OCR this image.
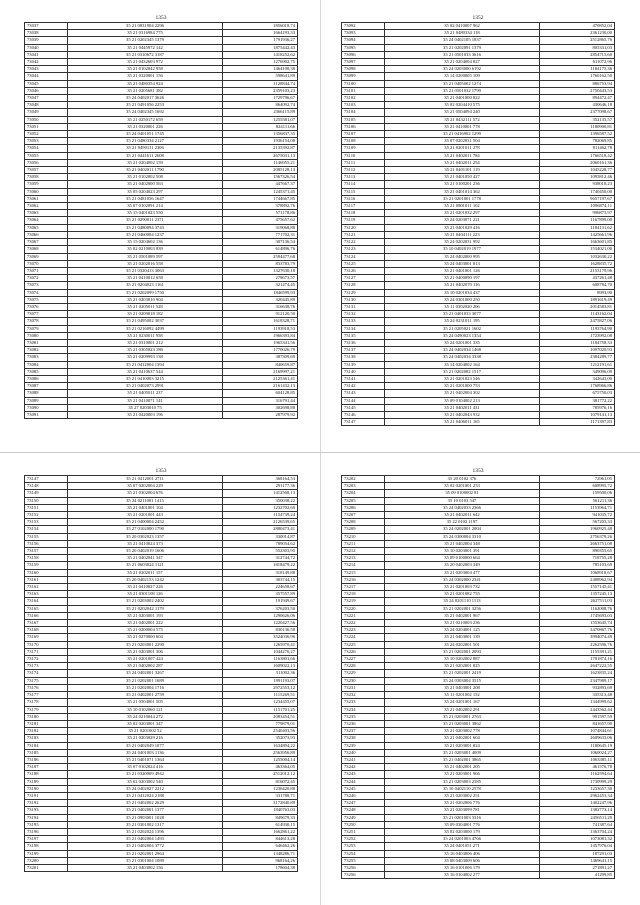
1353
73037	35 21 0831904 2296	1856018,74
73038	35 21 0316984 775	1664193,33
73039	35 21 0202345 1379	1791936,27
73040	35 21 0445972 142	1875442,43
73041	35 21 0310672 3187	1418252,62
73042	35 21 0432603 972	1276902,75
73043	35 21 0102042 958	1464108,38
73044	35 21 0320001 156	598641,89
73045	35 21 0480354 924	1128844,74
73046	35 21 0205681 382	2359103,23
73047	35 24 0402017 3626	1729796,67
73048	35 21 0491056 2253	864092,74
73049	35 24 0402345 1692	2366115,89
73050	35 21 0250172 659	1255581,07
73051	35 21 0320001 226	824111,66
73052	35 24 0401051 1745	1356837,35
73053	35 21 0480334 2127	1936154,08
73054	35 21 0490111 2306	2135392,87
73055	35 21 0441611 2608	2675031,13
73056	35 21 0204002 159	1146955,21
73057	35 21 0402011 1790	2085128,13
73058	35 21 0102002 508	1567326,54
73059	35 21 0402000 563	447667,37
73060	35 05 0204023 297	1245371,45
73061	35 21 0481056 1647	1744667,85
73062	35 07 0102091 214	378892,76
73063	35 15 0401023 550	571178,86
73064	35 21 0290011 2371	475657,62
73065	35 21 0480094 3743	319068,88
73066	35 21 0460004 1237	771702,31
73067	35 15 0204602 136	307136,54
73068	35 02 0210003 839	614896,76
73069	35 21 0501089 597	2594477,68
73070	35 21 0202016 558	833783,79
73071	35 21 0320413 3063	1327630,18
73072	35 21 0410012 658	278673,57
73073	35 21 0204023 1161	321474,45
73074	35 21 0202099 1750	1846599,93
73075	35 21 0203010 904	320445,89
73076	35 21 0205011 528	316638,76
73077	35 21 0209018 182	912120,50
73078	35 21 0495002 3037	1618328,71
73079	35 21 0216092 4499	1193918,53
73080	35 21 0230011 958	1966393,84
73081	35 21 0310001 212	1965341,56
73082	35 21 0305023 186	1770026,79
73083	35 21 0209993 138	387309,69
73084	35 21 0412004 1394	840659,87
73085	35 21 0410637 544	2169997,21
73086	35 21 0410003 3215	2125361,41
73087	35 21 0402073 2991	2161432,13
73088	35 21 0405011 237	604128,85
73089	35 21 0410071 141	316791,44
73090	35 27 0203010 75	302698,88
73091	35 21 0420003 196	287979,92
1352
73092	35 02 0410007 962	470852,04
73093	35 21 0480334 118	2361230,00
73094	35 24 0402105 1837	2512865,76
73095	35 21 0202091 1379	805331,03
73096	35 21 0501033 3616	2854715,60
73097	35 21 0204004 827	611072,96
73098	35 24 0203000 6192	1184175,36
73099	35 14 0200005 109	1760162,50
73100	35 21 0405002 1274	886753,94
73101	35 21 0501032 1799	2750443,53
73102	35 21 0401000 822	894472,47
73103	35 02 0204410 575	430646,18
73104	35 21 0504094 240	2377098,67
73105	35 21 0432111 572	352135,57
73106	35 21 0410001 778	1180900,81
73107	35 21 0416902 1299	1396587,52
73108	35 07 0202031 504	782069,85
73109	35 21 0201011 278	811462,78
73110	35 21 0402011 784	1766518,42
73111	35 21 0402011 254	2060161,36
73112	35 21 0401101 119	1045228,77
73113	35 21 0401050 427	1095812,46
73114	35 21 0100201 236	938018,23
73115	35 21 0401014 362	1740450,00
73116	35 21 0201001 1778	9657197,67
73117	35 21 0801011 102	1096874,11
73118	35 21 0201032 297	996873,97
73119	35 24 0203071 221	1167899,00
73120	35 21 0401029 416	1184131,62
73121	35 21 0404111 223	1425661,96
73122	35 24 0202031 992	1663601,85
73123	35 10 0402019 1977	1534021,00
73124	35 24 0402000 995	1032630,22
73125	35 24 0403001 813	1628835,72
73126	35 21 0401001 126	2153179,96
73127	35 21 0400090 197	437261,48
73128	35 21 0402070 116	608784,70
73129	35 10 0201034 437	8993,90
73130	35 24 0301000 250	1891619,49
73131	35 11 0302020 206	2014583,81
73132	35 21 0401033 3077	1143162,04
73133	35 24 0231011 195	2475827,06
73134	35 21 0205021 1602	1193764,90
73135	35 24 0490023 1354	1723992,08
73136	35 24 0201001 335	1184758,33
73137	35 24 0402034 1468	1097020,93
73138	35 24 0402034 3338	2384289,77
73139	35 14 0204002 164	1212191,61
73140	35 21 0202082 1517	349096,09
73141	35 21 0201023 546	342643,00
73142	35 21 0201000 753	1768966,86
73143	35 21 0402004 302	675750,03
73144	35 09 0104002 213	381772,22
73145	35 21 0402011 431	785976,16
73146	35 21 0402043 932	1079141,13
73147	35 21 0406011 165	1171397,83
1353
73147	35 21 0412001 2711	368164,53
73148	35 07 0202004 229	291177,36
73149	35 21 0302004 676	1412568,13
73150	35 24 0211001 1415	350038,22
73151	35 21 0401001 104	1232702,69
73152	35 21 0201001 443	1154739,24
73153	35 21 0400004 2452	2126539,65
73154	35 27 0102000 1790	2880473,41
73155	35 20 0302023 1357	330014,87
73156	35 21 0410024 373	789054,62
73157	35 20 0402019 1606	552303,95
73158	35 21 0402041 347	312744,72
73159	35 21 0603024 1121	1818479,22
73160	35 21 0202011 157	318149,88
73161	35 20 0402153 1242	303744,15
73162	35 21 0410027 226	224658,67
73163	35 21 0301108 126	357557,89
73164	35 21 0203002 2402	191949,67
73165	35 21 0202042 1179	376203,50
73166	35 21 0203001 193	1290626,06
73167	35 21 0402001 222	1220427,56
73168	35 21 0200004 575	830136,58
73169	35 21 0270000 604	3524036,96
73170	35 21 0203001 2290	1265970,41
73171	35 21 0203001 306	1044276,27
73172	35 21 0201007 424	1163801,66
73173	35 21 0402002 287	1609022,13
73174	35 24 0402001 3267	311002,36
73175	35 21 0202001 1689	1991193,07
73176	35 21 0202004 1716	2972553,12
73177	35 21 0402001 2759	1115269,51
73178	35 21 0504001 505	1234455,07
73179	35 10 0102060 121	1151701,25
73180	35 24 0210044 272	2083454,51
73181	35 02 0203001 347	779879,01
73182	35 21 0201002 52	2540403,56
73183	35 21 0203029 216	352073,93
73184	35 21 0402049 1077	1634894,22
73185	35 24 0401003 1136	2563956,89
73186	35 21 0401071 1364	1255004,14
73187	35 07 0102024 416	463364,05
73188	35 21 0320009 4942	2512012,12
73189	35 02 0203002 540	816072,45
73190	35 24 0402027 2212	1236420,88
73191	35 21 0412024 2188	331788,71
73192	35 21 0402002 2629	3172840,89
73193	35 21 0402001 1377	1840763,03
73194	35 21 0903001 1028	849679,33
73195	35 21 0301002 1317	614930,15
73196	35 21 0202024 1396	1662861,22
73197	35 21 0402004 1493	844613,28
73198	35 21 0402004 3772	646462,26
73199	35 21 0202001 2964	1348286,71
73200	35 21 0301004 1089	968164,26
73201	35 21 0403002 156	178604,38
1353
73202	35 20 0102 376	72961,05
73203	35 02 0201001 253	608995,72
73204	35 09 0100002 81	159500,06
73205	35 10 0103 547	561211,36
73206	35 24 0402033 2366	1153964,71
73207	35 21 0402011 642	941035,72
73208	35 22 0102 1197	567203,33
73209	35 24 0202001 2004	1960925,48
73210	35 24 0300004 3310	2756379,26
73211	35 21 0402004 348	2663751,08
73212	35 10 0203001 391	890355,65
73213	35 09 0100000 664	718755,28
73214	35 20 0402003 349	785103,69
73215	35 21 0203004 477	1068918,67
73216	35 24 0302000 2341	2488962,94
73217	35 21 0201003 732	1557145,41
73218	35 21 0201082 755	1357245,13
73219	35 24 0201110 1113	2627511,03
73220	35 21 0202001 3256	1162008,76
73221	35 21 0402001 967	1745693,03
73222	35 21 0210003 236	1553645,74
73223	35 24 0204001 125	3470867,76
73224	35 21 0403001 139	3994074,49
73225	35 24 0202001 501	2262596,76
73226	35 21 0202001 2093	1155391,21
73227	35 10 0202002 887	1781874,16
73228	35 21 0202001 825	2647222,55
73229	35 21 0202001 2419	1623835,24
73230	35 24 0303004 3515	2347989,17
73231	35 21 0403001 208	932893,69
73232	35 11 0201002 152	335313,48
73233	35 24 0201001 167	1344999,62
73234	35 21 0402002 291	2443562,44
73235	35 21 0203001 2763	991597,59
73236	35 21 0203001 3862	841657,90
73237	35 21 0203002 778	1074844,61
73238	35 21 0402001 604	2609633,06
73239	35 21 0203001 824	1180645,19
73240	35 21 0203001 4009	1060024,27
73241	35 21 0402001 3865	1063385,11
73242	35 21 0402001 205	461576,78
73243	35 21 0203001 966	1162594,64
73244	35 21 0203003 2585	1730999,29
73245	35 10 0402110 2578	1233657,30
73246	35 21 0203002 251	2962453,34
73247	35 21 0202006 776	1402247,96
73248	35 21 0203099 781	1382773,14
73249	35 21 0201003 3316	2456511,29
73250	35 09 0304001 776	741387,64
73251	35 02 0203000 179	1363704,24
73252	35 24 0201003 4766	1073081,32
73253	35 24 0401051 271	1457976,04
73254	35 16 0403006 406	187291,03
73255	35 08 0403009 606	1469641,15
73256	35 16 0101006 179	271891,27
73256	35 16 0104002 277	41299,85
